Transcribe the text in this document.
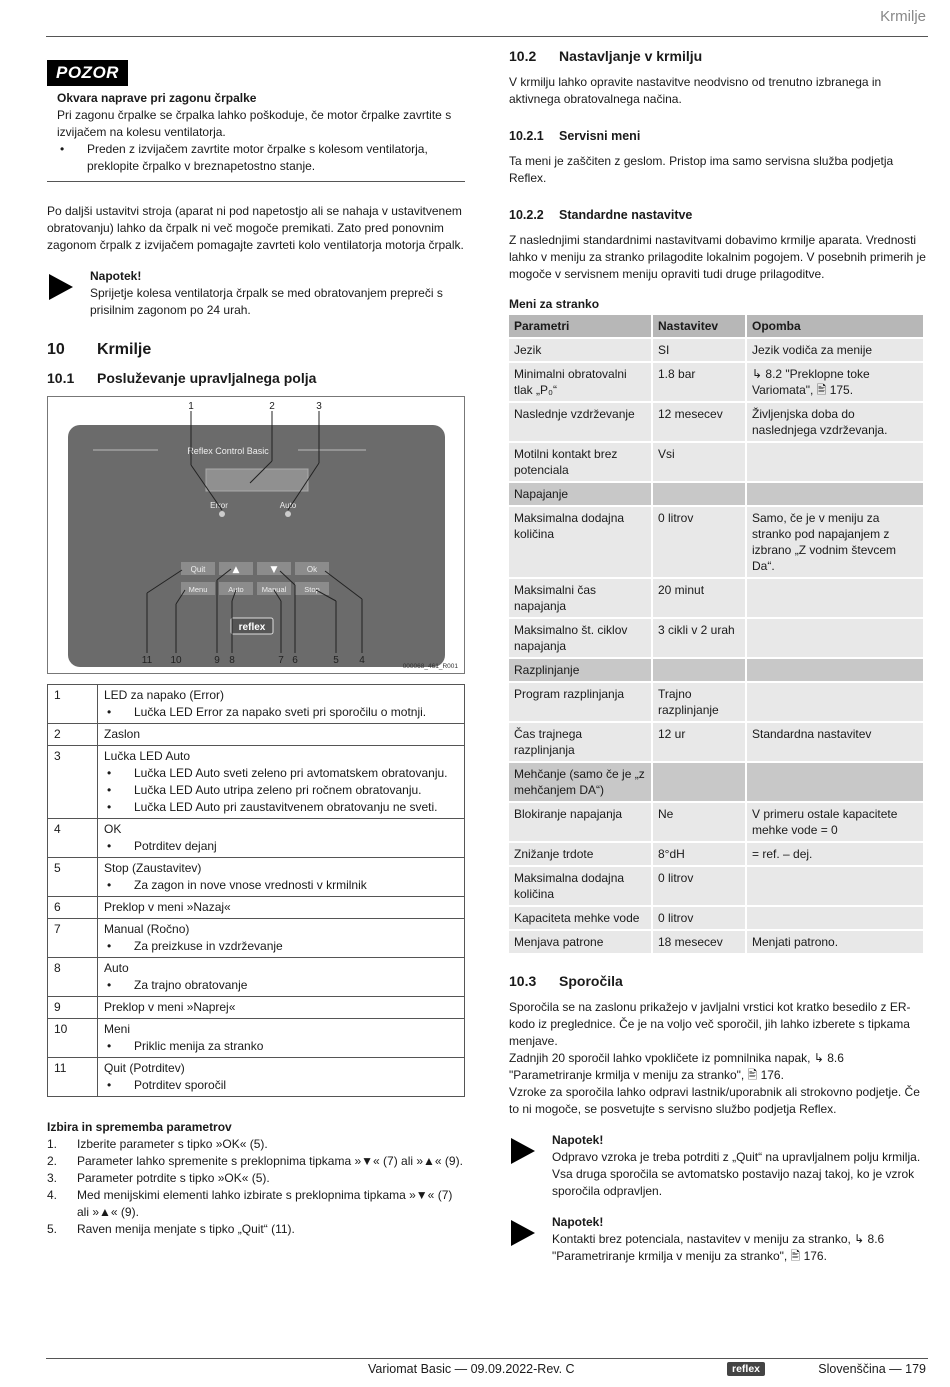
Krmilje
POZOR
Okvara naprave pri zagonu črpalke

Pri zagonu črpalke se črpalka lahko poškoduje, če motor črpalke zavrtite s izvijačem na kolesu ventilatorja.

• Preden z izvijačem zavrtite motor črpalke s kolesom ventilatorja, preklopite črpalko v breznapetostno stanje.

Po daljši ustavitvi stroja (aparat ni pod napetostjo ali se nahaja v ustavitvenem obratovanju) lahko da črpalk ni več mogoče premikati. Zato pred ponovnim zagonom črpalk z izvijačem pomagajte zavrteti kolo ventilatorja motorja črpalk.

Napotek!

Sprijetje kolesa ventilatorja črpalk se med obratovanjem prepreči s prisilnim zagonom po 24 urah.

10	Krmilje
10.1	Posluževanje upravljalnega polja
Reflex Control Basic
Error	Auto
Quit	▲	▼	Ok
Menu	Auto Manual Stop
reflex
1	2	3
11 10	9 8	7 6	5 4
000068_461_R001
1	LED za napako (Error)
• Lučka LED Error za napako sveti pri sporočilu o motnji.

2	Zaslon

3	Lučka LED Auto
• Lučka LED Auto sveti zeleno pri avtomatskem obratovanju.
• Lučka LED Auto utripa zeleno pri ročnem obratovanju.
• Lučka LED Auto pri zaustavitvenem obratovanju ne sveti.

4	OK
• Potrditev dejanj

5	Stop (Zaustavitev)
• Za zagon in nove vnose vrednosti v krmilnik

6	Preklop v meni »Nazaj«

7	Manual (Ročno)
• Za preizkuse in vzdrževanje

8	Auto
• Za trajno obratovanje

9	Preklop v meni »Naprej«

10	Meni
• Priklic menija za stranko

11	Quit (Potrditev)
• Potrditev sporočil
Izbira in sprememba parametrov
1.	Izberite parameter s tipko »OK« (5).
2.	Parameter lahko spremenite s preklopnima tipkama »▼« (7) ali »▲« (9).
3.	Parameter potrdite s tipko »OK« (5).
4.	Med menijskimi elementi lahko izbirate s preklopnima tipkama »▼« (7) ali »▲« (9).
5.	Raven menija menjate s tipko „Quit“ (11).
10.2	Nastavljanje v krmilju

V krmilju lahko opravite nastavitve neodvisno od trenutno izbranega in aktivnega obratovalnega načina.

10.2.1	Servisni meni

Ta meni je zaščiten z geslom. Pristop ima samo servisna služba podjetja Reflex.

10.2.2	Standardne nastavitve

Z naslednjimi standardnimi nastavitvami dobavimo krmilje aparata. Vrednosti lahko v meniju za stranko prilagodite lokalnim pogojem. V posebnih primerih je mogoče v servisnem meniju opraviti tudi druge prilagoditve.

Meni za stranko
Parametri	Nastavitev	Opomba
Jezik	SI	Jezik vodiča za menije
Minimalni obratovalni tlak „P₀“	1.8 bar	↳ 8.2 "Preklopne toke Variomata", 🖹 175.
Naslednje vzdrževanje	12 mesecev	Življenjska doba do naslednjega vzdrževanja.
Motilni kontakt brez potenciala	Vsi	
Napajanje		
Maksimalna dodajna količina	0 litrov	Samo, če je v meniju za stranko pod napajanjem z izbrano „Z vodnim števcem Da“.
Maksimalni čas napajanja	20 minut	
Maksimalno št. ciklov napajanja	3 cikli v 2 urah	
Razplinjanje		
Program razplinjanja	Trajno razplinjanje	
Čas trajnega razplinjanja	12 ur	Standardna nastavitev
Mehčanje (samo če je „z mehčanjem DA“)		
Blokiranje napajanja	Ne	V primeru ostale kapacitete mehke vode = 0
Znižanje trdote	8°dH	= ref. – dej.
Maksimalna dodajna količina	0 litrov	
Kapaciteta mehke vode	0 litrov	
Menjava patrone	18 mesecev	Menjati patrono.
10.3	Sporočila

Sporočila se na zaslonu prikažejo v javljalni vrstici kot kratko besedilo z ER-kodo iz preglednice. Če je na voljo več sporočil, jih lahko izberete s tipkama menjave.

Zadnjih 20 sporočil lahko vpokličete iz pomnilnika napak, ↳ 8.6 "Parametriranje krmilja v meniju za stranko", 🖹 176.

Vzroke za sporočila lahko odpravi lastnik/uporabnik ali strokovno podjetje. Če to ni mogoče, se posvetujte s servisno službo podjetja Reflex.

Napotek!

Odpravo vzroka je treba potrditi z „Quit“ na upravljalnem polju krmilja. Vsa druga sporočila se avtomatsko postavijo nazaj takoj, ko je vzrok sporočila odpravljen.

Napotek!

Kontakti brez potenciala, nastavitev v meniju za stranko, ↳ 8.6 "Parametriranje krmilja v meniju za stranko", 🖹 176.

Variomat Basic — 09.09.2022-Rev. C	reflex	Slovenščina — 179
